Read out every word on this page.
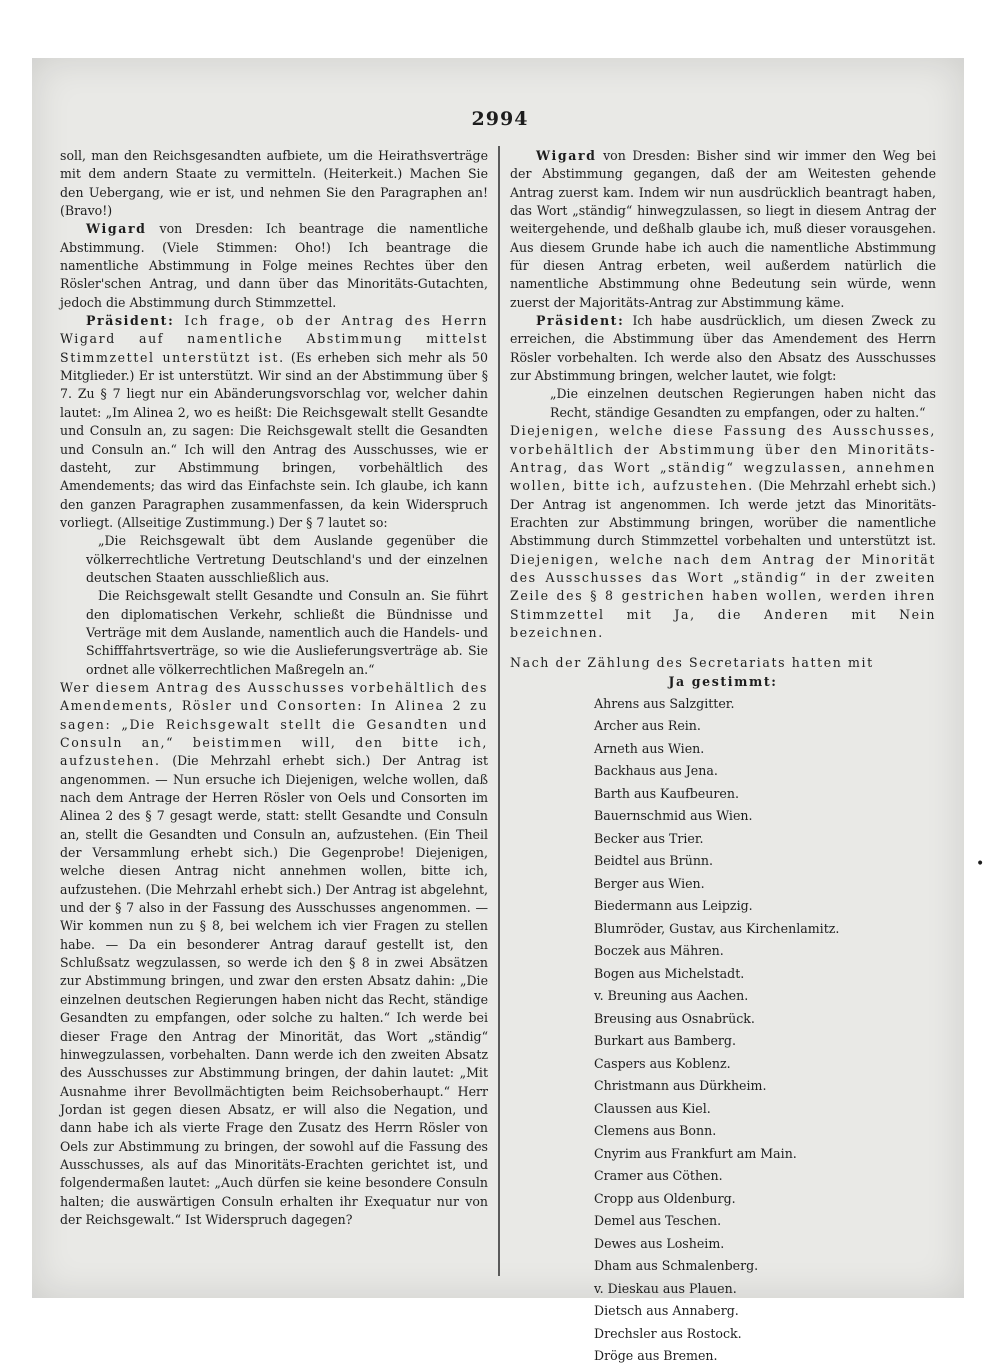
2994

soll, man den Reichsgesandten aufbiete, um die Heirathsverträge mit dem andern Staate zu vermitteln. (Heiterkeit.) Machen Sie den Uebergang, wie er ist, und nehmen Sie den Paragraphen an! (Bravo!)

Wigard von Dresden: Ich beantrage die namentliche Abstimmung. (Viele Stimmen: Oho!) Ich beantrage die namentliche Abstimmung in Folge meines Rechtes über den Rösler'schen Antrag, und dann über das Minoritäts-Gutachten, jedoch die Abstimmung durch Stimmzettel.

Präsident: Ich frage, ob der Antrag des Herrn Wigard auf namentliche Abstimmung mittelst Stimmzettel unterstützt ist. (Es erheben sich mehr als 50 Mitglieder.) Er ist unterstützt. Wir sind an der Abstimmung über § 7. Zu § 7 liegt nur ein Abänderungsvorschlag vor, welcher dahin lautet: „Im Alinea 2, wo es heißt: Die Reichsgewalt stellt Gesandte und Consuln an, zu sagen: Die Reichsgewalt stellt die Gesandten und Consuln an.“ Ich will den Antrag des Ausschusses, wie er dasteht, zur Abstimmung bringen, vorbehältlich des Amendements; das wird das Einfachste sein. Ich glaube, ich kann den ganzen Paragraphen zusammenfassen, da kein Widerspruch vorliegt. (Allseitige Zustimmung.) Der § 7 lautet so:

„Die Reichsgewalt übt dem Auslande gegenüber die völkerrechtliche Vertretung Deutschland's und der einzelnen deutschen Staaten ausschließlich aus.

Die Reichsgewalt stellt Gesandte und Consuln an. Sie führt den diplomatischen Verkehr, schließt die Bündnisse und Verträge mit dem Auslande, namentlich auch die Handels- und Schifffahrtsverträge, so wie die Auslieferungsverträge ab. Sie ordnet alle völkerrechtlichen Maßregeln an.“

Wer diesem Antrag des Ausschusses vorbehältlich des Amendements, Rösler und Consorten: In Alinea 2 zu sagen: „Die Reichsgewalt stellt die Gesandten und Consuln an,“ beistimmen will, den bitte ich, aufzustehen. (Die Mehrzahl erhebt sich.) Der Antrag ist angenommen. — Nun ersuche ich Diejenigen, welche wollen, daß nach dem Antrage der Herren Rösler von Oels und Consorten im Alinea 2 des § 7 gesagt werde, statt: stellt Gesandte und Consuln an, stellt die Gesandten und Consuln an, aufzustehen. (Ein Theil der Versammlung erhebt sich.) Die Gegenprobe! Diejenigen, welche diesen Antrag nicht annehmen wollen, bitte ich, aufzustehen. (Die Mehrzahl erhebt sich.) Der Antrag ist abgelehnt, und der § 7 also in der Fassung des Ausschusses angenommen. — Wir kommen nun zu § 8, bei welchem ich vier Fragen zu stellen habe. — Da ein besonderer Antrag darauf gestellt ist, den Schlußsatz wegzulassen, so werde ich den § 8 in zwei Absätzen zur Abstimmung bringen, und zwar den ersten Absatz dahin: „Die einzelnen deutschen Regierungen haben nicht das Recht, ständige Gesandten zu empfangen, oder solche zu halten.“ Ich werde bei dieser Frage den Antrag der Minorität, das Wort „ständig“ hinwegzulassen, vorbehalten. Dann werde ich den zweiten Absatz des Ausschusses zur Abstimmung bringen, der dahin lautet: „Mit Ausnahme ihrer Bevollmächtigten beim Reichsoberhaupt.“ Herr Jordan ist gegen diesen Absatz, er will also die Negation, und dann habe ich als vierte Frage den Zusatz des Herrn Rösler von Oels zur Abstimmung zu bringen, der sowohl auf die Fassung des Ausschusses, als auf das Minoritäts-Erachten gerichtet ist, und folgendermaßen lautet: „Auch dürfen sie keine besondere Consuln halten; die auswärtigen Consuln erhalten ihr Exequatur nur von der Reichsgewalt.“ Ist Widerspruch dagegen?

Wigard von Dresden: Bisher sind wir immer den Weg bei der Abstimmung gegangen, daß der am Weitesten gehende Antrag zuerst kam. Indem wir nun ausdrücklich beantragt haben, das Wort „ständig“ hinwegzulassen, so liegt in diesem Antrag der weitergehende, und deßhalb glaube ich, muß dieser vorausgehen. Aus diesem Grunde habe ich auch die namentliche Abstimmung für diesen Antrag erbeten, weil außerdem natürlich die namentliche Abstimmung ohne Bedeutung sein würde, wenn zuerst der Majoritäts-Antrag zur Abstimmung käme.

Präsident: Ich habe ausdrücklich, um diesen Zweck zu erreichen, die Abstimmung über das Amendement des Herrn Rösler vorbehalten. Ich werde also den Absatz des Ausschusses zur Abstimmung bringen, welcher lautet, wie folgt:

„Die einzelnen deutschen Regierungen haben nicht das Recht, ständige Gesandten zu empfangen, oder zu halten.“

Diejenigen, welche diese Fassung des Ausschusses, vorbehältlich der Abstimmung über den Minoritäts-Antrag, das Wort „ständig“ wegzulassen, annehmen wollen, bitte ich, aufzustehen. (Die Mehrzahl erhebt sich.) Der Antrag ist angenommen. Ich werde jetzt das Minoritäts-Erachten zur Abstimmung bringen, worüber die namentliche Abstimmung durch Stimmzettel vorbehalten und unterstützt ist. Diejenigen, welche nach dem Antrag der Minorität des Ausschusses das Wort „ständig“ in der zweiten Zeile des § 8 gestrichen haben wollen, werden ihren Stimmzettel mit Ja, die Anderen mit Nein bezeichnen.

Nach der Zählung des Secretariats hatten mit

Ja gestimmt:

Ahrens aus Salzgitter.
Archer aus Rein.
Arneth aus Wien.
Backhaus aus Jena.
Barth aus Kaufbeuren.
Bauernschmid aus Wien.
Becker aus Trier.
Beidtel aus Brünn.
Berger aus Wien.
Biedermann aus Leipzig.
Blumröder, Gustav, aus Kirchenlamitz.
Boczek aus Mähren.
Bogen aus Michelstadt.
v. Breuning aus Aachen.
Breusing aus Osnabrück.
Burkart aus Bamberg.
Caspers aus Koblenz.
Christmann aus Dürkheim.
Claussen aus Kiel.
Clemens aus Bonn.
Cnyrim aus Frankfurt am Main.
Cramer aus Cöthen.
Cropp aus Oldenburg.
Demel aus Teschen.
Dewes aus Losheim.
Dham aus Schmalenberg.
v. Dieskau aus Plauen.
Dietsch aus Annaberg.
Drechsler aus Rostock.
Dröge aus Bremen.
•
